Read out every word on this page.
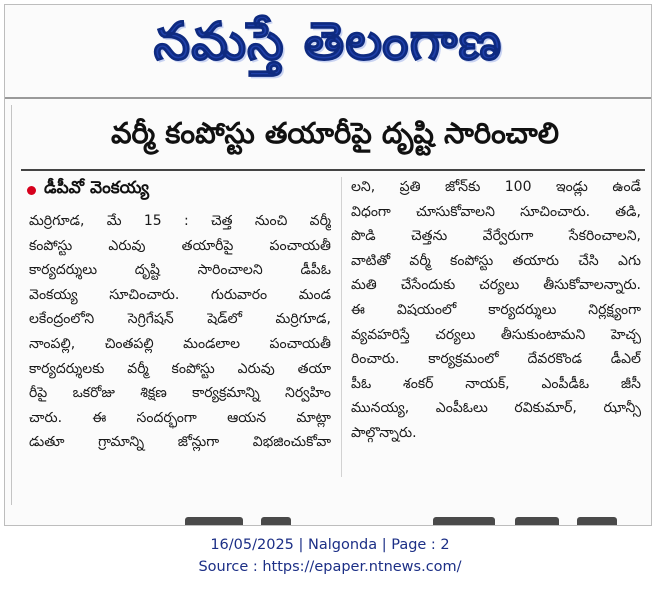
నమస్తే తెలంగాణ
వర్మీ కంపోస్టు తయారీపై దృష్టి సారించాలి
డీపీవో వెంకయ్య
మర్రిగూడ, మే 15 : చెత్త నుంచి వర్మీ
కంపోస్టు ఎరువు తయారీపై పంచాయతీ
కార్యదర్శులు దృష్టి సారించాలని డీపీఓ
వెంకయ్య సూచించారు. గురువారం మండ
లకేంద్రంలోని సెగ్రిగేషన్ షెడ్‌లో మర్రిగూడ,
నాంపల్లి, చింతపల్లి మండలాల పంచాయతీ
కార్యదర్శులకు వర్మీ కంపోస్టు ఎరువు తయా
రీపై ఒకరోజు శిక్షణ కార్యక్రమాన్ని నిర్వహిం
చారు. ఈ సందర్భంగా ఆయన మాట్లా
డుతూ గ్రామాన్ని జోన్లుగా విభజించుకోవా
లని, ప్రతి జోన్‌కు 100 ఇండ్లు ఉండే
విధంగా చూసుకోవాలని సూచించారు. తడి,
పొడి చెత్తను వేర్వేరుగా సేకరించాలని,
వాటితో వర్మీ కంపోస్టు తయారు చేసి ఎగు
మతి చేసేందుకు చర్యలు తీసుకోవాలన్నారు.
ఈ విషయంలో కార్యదర్శులు నిర్లక్ష్యంగా
వ్యవహరిస్తే చర్యలు తీసుకుంటామని హెచ్చ
రించారు. కార్యక్రమంలో దేవరకొండ డీఎల్
పీఓ శంకర్ నాయక్, ఎంపీడీఓ జీసీ
మునయ్య, ఎంపీఓలు రవికుమార్, ఝాన్సీ
పాల్గొన్నారు.
16/05/2025 | Nalgonda | Page : 2
Source : https://epaper.ntnews.com/
